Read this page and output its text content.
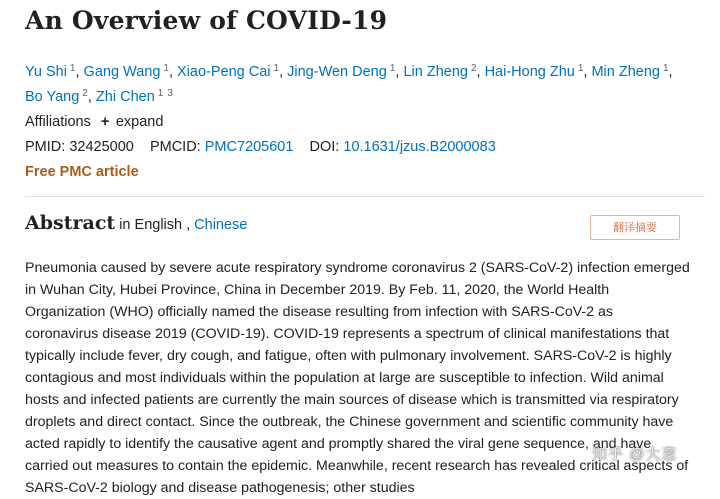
An Overview of COVID-19
Yu Shi $^1$, Gang Wang $^1$, Xiao-Peng Cai $^1$, Jing-Wen Deng $^1$, Lin Zheng $^2$, Hai-Hong Zhu $^1$, Min Zheng $^1$, Bo Yang $^2$, Zhi Chen $^1$ $^3$
Affiliations + expand
PMID: 32425000 PMCID: PMC7205601 DOI: 10.1631/jzus.B2000083
Free PMC article
Abstract in English , Chinese	翻译摘要

Pneumonia caused by severe acute respiratory syndrome coronavirus 2 (SARS-CoV-2) infection emerged in Wuhan City, Hubei Province, China in December 2019. By Feb. 11, 2020, the World Health Organization (WHO) officially named the disease resulting from infection with SARS-CoV-2 as coronavirus disease 2019 (COVID-19). COVID-19 represents a spectrum of clinical manifestations that typically include fever, dry cough, and fatigue, often with pulmonary involvement. SARS-CoV-2 is highly contagious and most individuals within the population at large are susceptible to infection. Wild animal hosts and infected patients are currently the main sources of disease which is transmitted via respiratory droplets and direct contact. Since the outbreak, the Chinese government and scientific community have acted rapidly to identify the causative agent and promptly shared the viral gene sequence, and have carried out measures to contain the epidemic. Meanwhile, recent research has revealed critical aspects of SARS-CoV-2 biology and disease pathogenesis; other studies

知乎 @大葱
